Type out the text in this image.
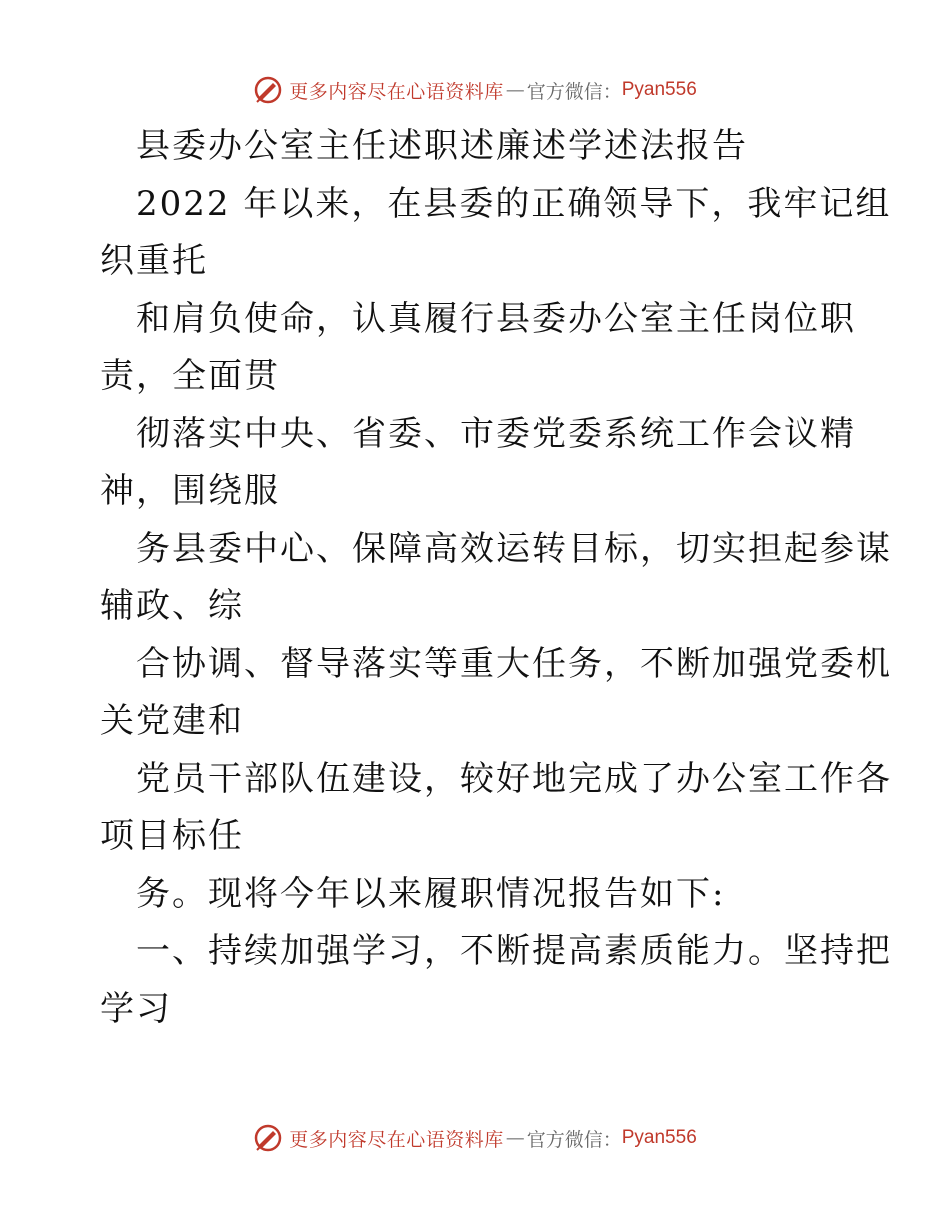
更多内容尽在心语资料库 — 官方微信： Pyan556
县委办公室主任述职述廉述学述法报告
2022 年以来，在县委的正确领导下，我牢记组
织重托
和肩负使命，认真履行县委办公室主任岗位职
责，全面贯
彻落实中央、省委、市委党委系统工作会议精
神，围绕服
务县委中心、保障高效运转目标，切实担起参谋
辅政、综
合协调、督导落实等重大任务，不断加强党委机
关党建和
党员干部队伍建设，较好地完成了办公室工作各
项目标任
务。现将今年以来履职情况报告如下:
一、持续加强学习，不断提高素质能力。坚持把
学习
更多内容尽在心语资料库 — 官方微信： Pyan556
